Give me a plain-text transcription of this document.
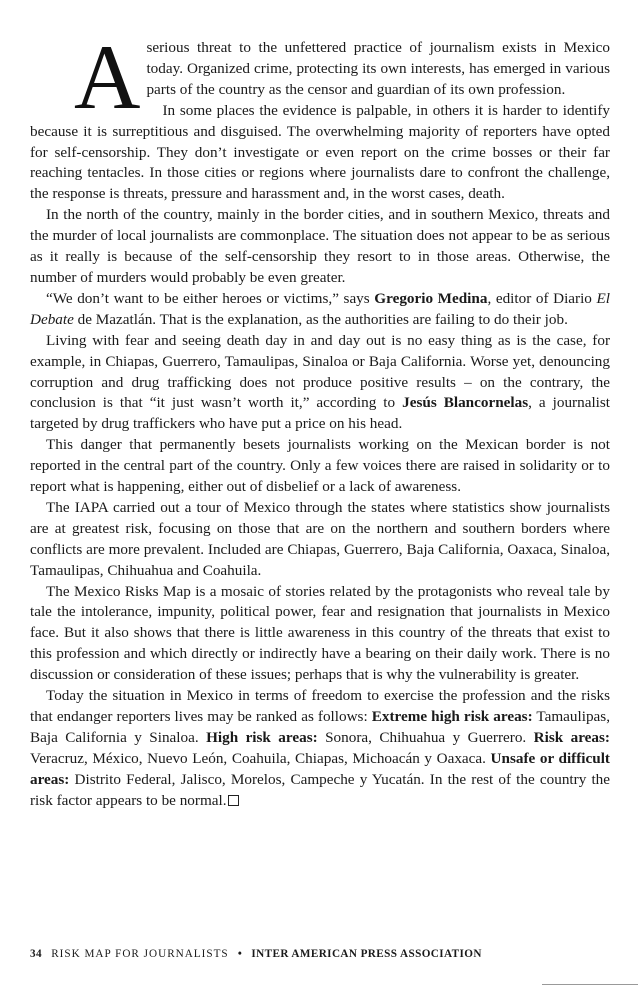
Aserious threat to the unfettered practice of journalism exists in Mexico today. Organized crime, protecting its own interests, has emerged in various parts of the country as the censor and guardian of its own profession.

In some places the evidence is palpable, in others it is harder to identify because it is surreptitious and disguised. The overwhelming majority of reporters have opted for self-censorship. They don’t investigate or even report on the crime bosses or their far reaching tentacles. In those cities or regions where journalists dare to confront the challenge, the response is threats, pressure and harassment and, in the worst cases, death.

In the north of the country, mainly in the border cities, and in southern Mexico, threats and the murder of local journalists are commonplace. The situation does not appear to be as serious as it really is because of the self-censorship they resort to in those areas. Otherwise, the number of murders would probably be even greater.

“We don’t want to be either heroes or victims,” says Gregorio Medina, editor of Diario El Debate de Mazatlán. That is the explanation, as the authorities are failing to do their job.

Living with fear and seeing death day in and day out is no easy thing as is the case, for example, in Chiapas, Guerrero, Tamaulipas, Sinaloa or Baja California. Worse yet, denouncing corruption and drug trafficking does not produce positive results – on the contrary, the conclusion is that “it just wasn’t worth it,” according to Jesús Blancornelas, a journalist targeted by drug traffickers who have put a price on his head.

This danger that permanently besets journalists working on the Mexican border is not reported in the central part of the country. Only a few voices there are raised in solidarity or to report what is happening, either out of disbelief or a lack of awareness.

The IAPA carried out a tour of Mexico through the states where statistics show journalists are at greatest risk, focusing on those that are on the northern and southern borders where conflicts are more prevalent. Included are Chiapas, Guerrero, Baja California, Oaxaca, Sinaloa, Tamaulipas, Chihuahua and Coahuila.

The Mexico Risks Map is a mosaic of stories related by the protagonists who reveal tale by tale the intolerance, impunity, political power, fear and resignation that journalists in Mexico face. But it also shows that there is little awareness in this country of the threats that exist to this profession and which directly or indirectly have a bearing on their daily work. There is no discussion or consideration of these issues; perhaps that is why the vulnerability is greater.

Today the situation in Mexico in terms of freedom to exercise the profession and the risks that endanger reporters lives may be ranked as follows: Extreme high risk areas: Tamaulipas, Baja California y Sinaloa. High risk areas: Sonora, Chihuahua y Guerrero. Risk areas: Veracruz, México, Nuevo León, Coahuila, Chiapas, Michoacán y Oaxaca. Unsafe or difficult areas: Distrito Federal, Jalisco, Morelos, Campeche y Yucatán. In the rest of the country the risk factor appears to be normal.

34 RISK MAP FOR JOURNALISTS • INTER AMERICAN PRESS ASSOCIATION
